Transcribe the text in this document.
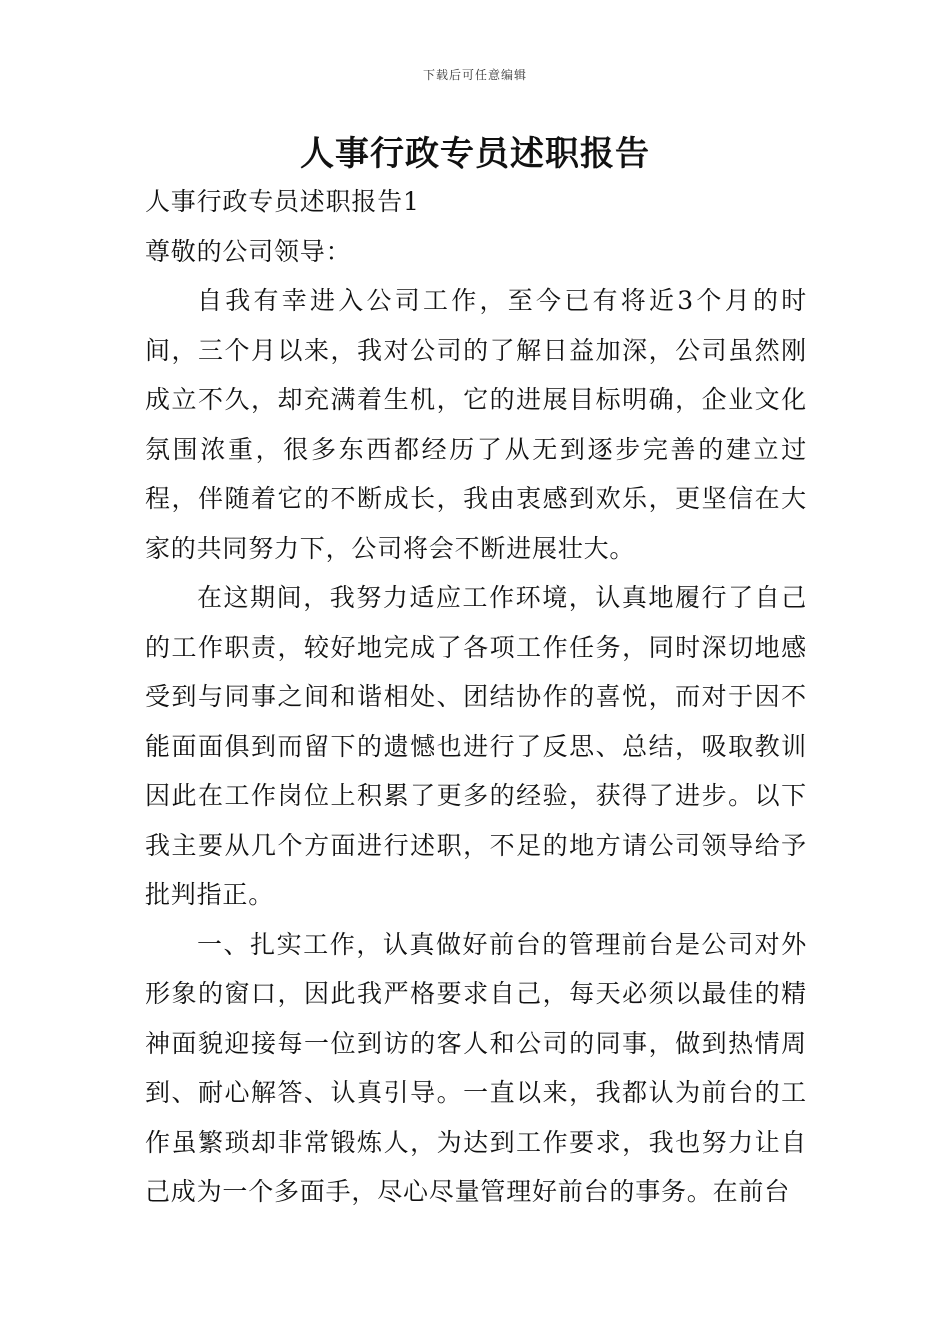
下载后可任意编辑
人事行政专员述职报告

人事行政专员述职报告1

尊敬的公司领导：

自我有幸进入公司工作，至今已有将近3个月的时间，三个月以来，我对公司的了解日益加深，公司虽然刚成立不久，却充满着生机，它的进展目标明确，企业文化氛围浓重，很多东西都经历了从无到逐步完善的建立过程，伴随着它的不断成长，我由衷感到欢乐，更坚信在大家的共同努力下，公司将会不断进展壮大。

在这期间，我努力适应工作环境，认真地履行了自己的工作职责，较好地完成了各项工作任务，同时深切地感受到与同事之间和谐相处、团结协作的喜悦，而对于因不能面面俱到而留下的遗憾也进行了反思、总结，吸取教训因此在工作岗位上积累了更多的经验，获得了进步。以下我主要从几个方面进行述职，不足的地方请公司领导给予批判指正。

一、扎实工作，认真做好前台的管理前台是公司对外形象的窗口，因此我严格要求自己，每天必须以最佳的精神面貌迎接每一位到访的客人和公司的同事，做到热情周到、耐心解答、认真引导。一直以来，我都认为前台的工作虽繁琐却非常锻炼人，为达到工作要求，我也努力让自己成为一个多面手，尽心尽量管理好前台的事务。在前台
